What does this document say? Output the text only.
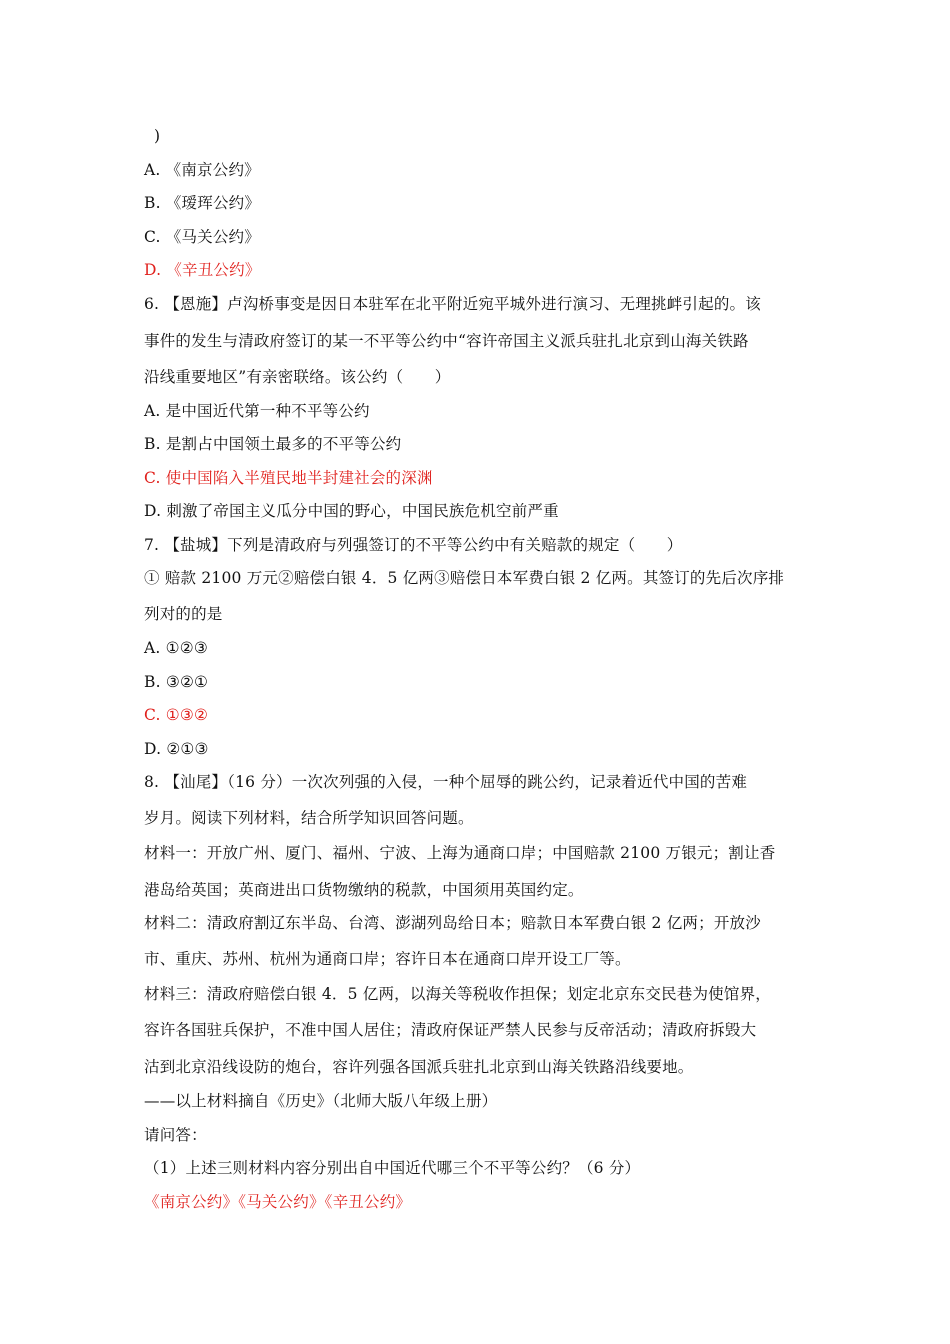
)
A. 《南京公约》
B. 《瑷珲公约》
C. 《马关公约》
D. 《辛丑公约》
6. 【恩施】卢沟桥事变是因日本驻军在北平附近宛平城外进行演习、无理挑衅引起的。该
事件的发生与清政府签订的某一不平等公约中“容许帝国主义派兵驻扎北京到山海关铁路
沿线重要地区”有亲密联络。该公约（　　）
A. 是中国近代第一种不平等公约
B. 是割占中国领土最多的不平等公约
C. 使中国陷入半殖民地半封建社会的深渊
D. 刺激了帝国主义瓜分中国的野心，中国民族危机空前严重
7. 【盐城】下列是清政府与列强签订的不平等公约中有关赔款的规定（　　）
① 赔款 2100 万元②赔偿白银 4．5 亿两③赔偿日本军费白银 2 亿两。其签订的先后次序排
列对的的是
A. ①②③
B. ③②①
C. ①③②
D. ②①③
8. 【汕尾】（16 分）一次次列强的入侵，一种个屈辱的跳公约，记录着近代中国的苦难
岁月。阅读下列材料，结合所学知识回答问题。
材料一：开放广州、厦门、福州、宁波、上海为通商口岸；中国赔款 2100 万银元；割让香
港岛给英国；英商进出口货物缴纳的税款，中国须用英国约定。
材料二：清政府割辽东半岛、台湾、澎湖列岛给日本；赔款日本军费白银 2 亿两；开放沙
市、重庆、苏州、杭州为通商口岸；容许日本在通商口岸开设工厂等。
材料三：清政府赔偿白银 4．5 亿两，以海关等税收作担保；划定北京东交民巷为使馆界，
容许各国驻兵保护，不准中国人居住；清政府保证严禁人民参与反帝活动；清政府拆毁大
沽到北京沿线设防的炮台，容许列强各国派兵驻扎北京到山海关铁路沿线要地。
——以上材料摘自《历史》（北师大版八年级上册）
请问答：
（1）上述三则材料内容分别出自中国近代哪三个不平等公约？（6 分）
《南京公约》《马关公约》《辛丑公约》
